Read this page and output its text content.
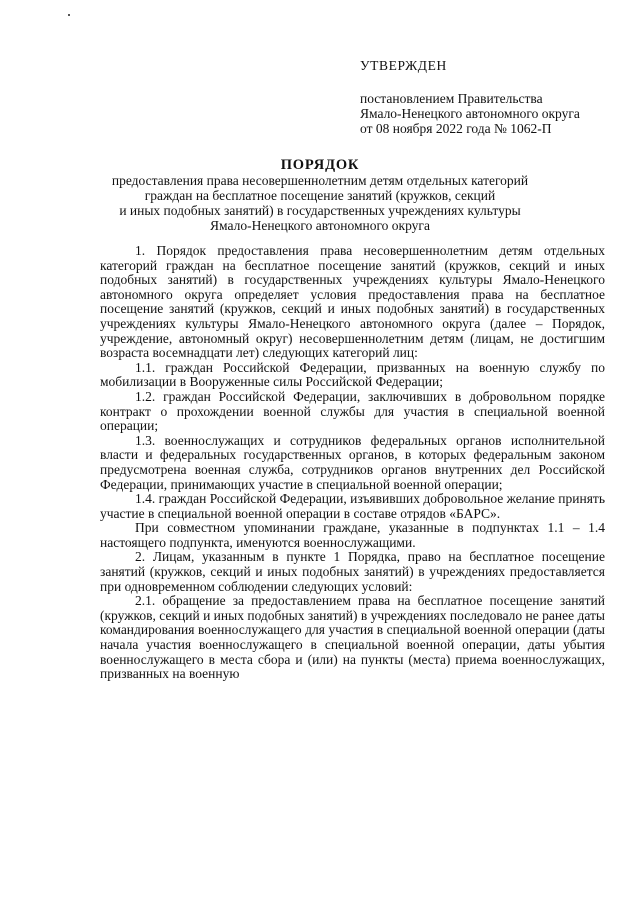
УТВЕРЖДЕН
постановлением Правительства
Ямало-Ненецкого автономного округа
от 08 ноября 2022 года № 1062-П
ПОРЯДОК
предоставления права несовершеннолетним детям отдельных категорий
граждан на бесплатное посещение занятий (кружков, секций
и иных подобных занятий) в государственных учреждениях культуры
Ямало-Ненецкого автономного округа

1. Порядок предоставления права несовершеннолетним детям отдельных категорий граждан на бесплатное посещение занятий (кружков, секций и иных подобных занятий) в государственных учреждениях культуры Ямало-Ненецкого автономного округа определяет условия предоставления права на бесплатное посещение занятий (кружков, секций и иных подобных занятий) в государственных учреждениях культуры Ямало-Ненецкого автономного округа (далее – Порядок, учреждение, автономный округ) несовершеннолетним детям (лицам, не достигшим возраста восемнадцати лет) следующих категорий лиц:

1.1. граждан Российской Федерации, призванных на военную службу по мобилизации в Вооруженные силы Российской Федерации;

1.2. граждан Российской Федерации, заключивших в добровольном порядке контракт о прохождении военной службы для участия в специальной военной операции;

1.3. военнослужащих и сотрудников федеральных органов исполнительной власти и федеральных государственных органов, в которых федеральным законом предусмотрена военная служба, сотрудников органов внутренних дел Российской Федерации, принимающих участие в специальной военной операции;

1.4. граждан Российской Федерации, изъявивших добровольное желание принять участие в специальной военной операции в составе отрядов «БАРС».

При совместном упоминании граждане, указанные в подпунктах 1.1 – 1.4 настоящего подпункта, именуются военнослужащими.

2. Лицам, указанным в пункте 1 Порядка, право на бесплатное посещение занятий (кружков, секций и иных подобных занятий) в учреждениях предоставляется при одновременном соблюдении следующих условий:

2.1. обращение за предоставлением права на бесплатное посещение занятий (кружков, секций и иных подобных занятий) в учреждениях последовало не ранее даты командирования военнослужащего для участия в специальной военной операции (даты начала участия военнослужащего в специальной военной операции, даты убытия военнослужащего в места сбора и (или) на пункты (места) приема военнослужащих, призванных на военную
